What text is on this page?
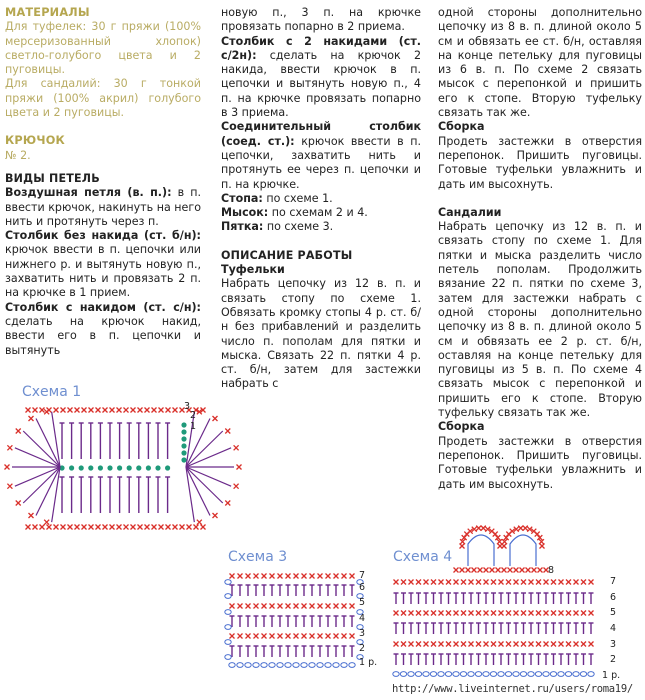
МАТЕРИАЛЫ

Для туфелек: 30 г пряжи (100% мерсеризованный хлопок) светло-голубого цвета и 2 пуговицы.

Для сандалий: 30 г тонкой пряжи (100% акрил) голубого цвета и 2 пуговицы.

КРЮЧОК

№ 2.

ВИДЫ ПЕТЕЛЬ

Воздушная петля (в. п.): в п. ввести крючок, накинуть на него нить и протянуть через п.

Столбик без накида (ст. б/н): крючок ввести в п. цепочки или нижнего р. и вытянуть новую п., захватить нить и провязать 2 п. на крючке в 1 прием.

Столбик с накидом (ст. с/н): сделать на крючок накид, ввести его в п. цепочки и вытянуть

новую п., 3 п. на крючке провязать попарно в 2 приема.

Столбик с 2 накидами (ст. с/2н): сделать на крючок 2 накида, ввести крючок в п. цепочки и вытянуть новую п., 4 п. на крючке провязать попарно в 3 приема.

Соединительный столбик (соед. ст.): крючок ввести в п. цепочки, захватить нить и протянуть ее через п. цепочки и п. на крючке.

Стопа: по схеме 1.

Мысок: по схемам 2 и 4.

Пятка: по схеме 3.

ОПИСАНИЕ РАБОТЫ

Туфельки

Набрать цепочку из 12 в. п. и связать стопу по схеме 1. Обвязать кромку стопы 4 р. ст. б/н без прибавлений и разделить число п. пополам для пятки и мыска. Связать 22 п. пятки 4 р. ст. б/н, затем для застежки набрать с

одной стороны дополнительно цепочку из 8 в. п. длиной около 5 см и обвязать ее ст. б/н, оставляя на конце петельку для пуговицы из 6 в. п. По схеме 2 связать мысок с перепонкой и пришить его к стопе. Вторую туфельку связать так же.

Сборка

Продеть застежки в отверстия перепонок. Пришить пуговицы. Готовые туфельки увлажнить и дать им высохнуть.

Сандалии

Набрать цепочку из 12 в. п. и связать стопу по схеме 1. Для пятки и мыска разделить число петель пополам. Продолжить вязание 22 п. пятки по схеме 3, затем для застежки набрать с одной стороны дополнительно цепочку из 8 в. п. длиной около 5 см и обвязать ее 2 р. ст. б/н, оставляя на конце петельку для пуговицы из 5 в. п. По схеме 4 связать мысок с перепонкой и пришить его к стопе. Вторую туфельку связать так же.

Сборка

Продеть застежки в отверстия перепонок. Пришить пуговицы. Готовые туфельки увлажнить и дать им высохнуть.

Схема 1
3
2
1
Схема 3
7
6
5
4
3
2
1 р.
Схема 4
8
7
6
5
4
3
2
1 р.
http://www.liveinternet.ru/users/roma19/
